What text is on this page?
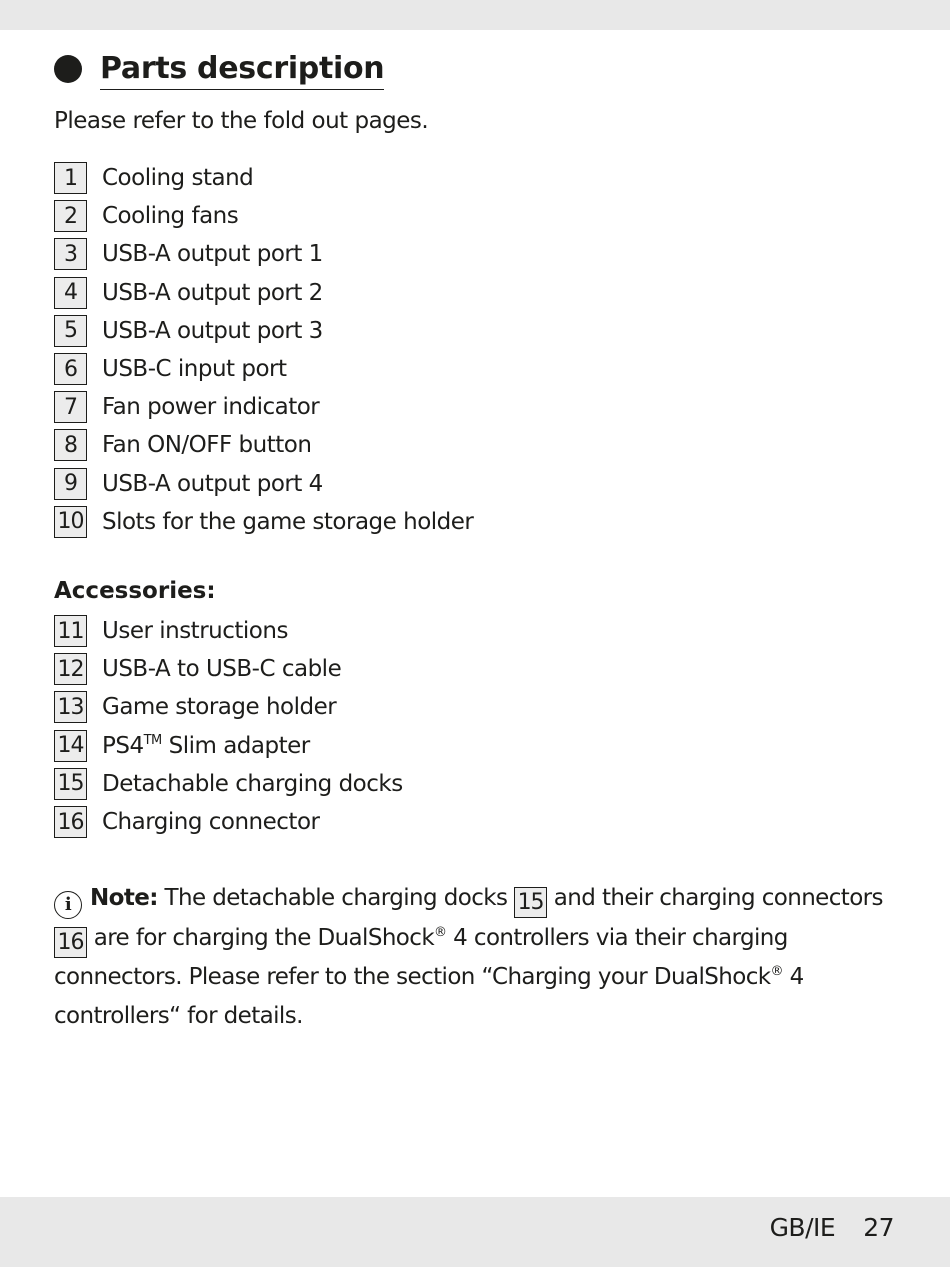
Parts description
Please refer to the fold out pages.
1	Cooling stand
2	Cooling fans
3	USB-A output port 1
4	USB-A output port 2
5	USB-A output port 3
6	USB-C input port
7	Fan power indicator
8	Fan ON/OFF button
9	USB-A output port 4
10 Slots for the game storage holder
Accessories:
11 User instructions
12 USB-A to USB-C cable
13 Game storage holder
14 PS4™ Slim adapter
15 Detachable charging docks
16 Charging connector
i Note: The detachable charging docks 15 and their charging connectors 16 are for charging the DualShock® 4 controllers via their charging connectors. Please refer to the section “Charging your DualShock® 4 controllers“ for details.
GB/IE 27
